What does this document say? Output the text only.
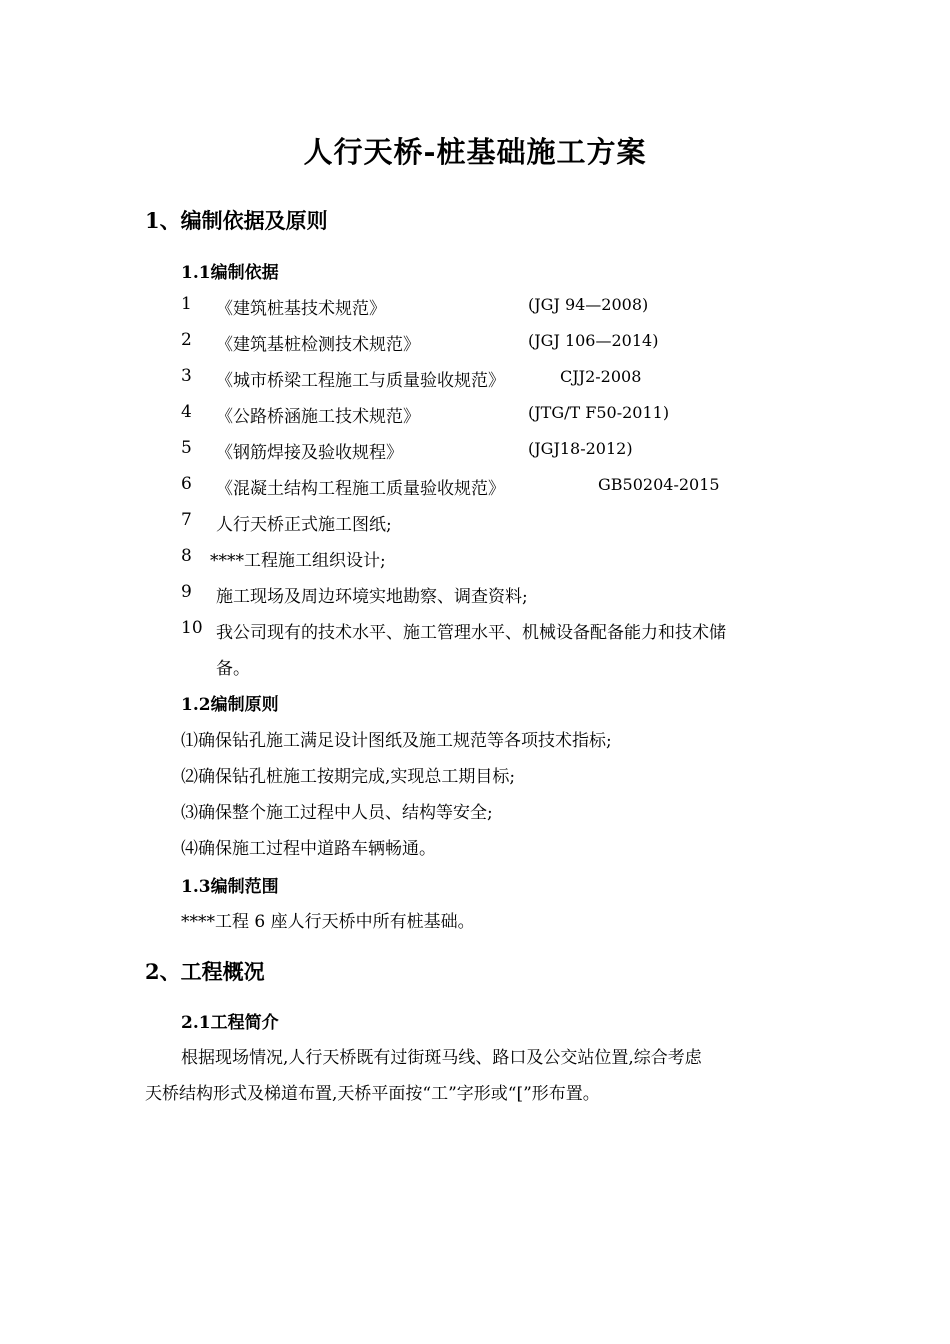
人行天桥-桩基础施工方案
1、编制依据及原则
1.1编制依据
1 《建筑桩基技术规范》	(JGJ 94—2008)
2 《建筑基桩检测技术规范》	(JGJ 106—2014)
3 《城市桥梁工程施工与质量验收规范》	CJJ2-2008
4 《公路桥涵施工技术规范》	(JTG/T F50-2011)
5 《钢筋焊接及验收规程》	(JGJ18-2012)
6 《混凝土结构工程施工质量验收规范》	GB50204-2015
7 人行天桥正式施工图纸;
8 ****工程施工组织设计;
9 施工现场及周边环境实地勘察、调查资料;
10 我公司现有的技术水平、施工管理水平、机械设备配备能力和技术储
备。
1.2编制原则
⑴确保钻孔施工满足设计图纸及施工规范等各项技术指标;
⑵确保钻孔桩施工按期完成,实现总工期目标;
⑶确保整个施工过程中人员、结构等安全;
⑷确保施工过程中道路车辆畅通。
1.3编制范围
****工程 6 座人行天桥中所有桩基础。
2、工程概况
2.1工程简介
根据现场情况,人行天桥既有过街斑马线、路口及公交站位置,综合考虑
天桥结构形式及梯道布置,天桥平面按“工”字形或“[”形布置。
